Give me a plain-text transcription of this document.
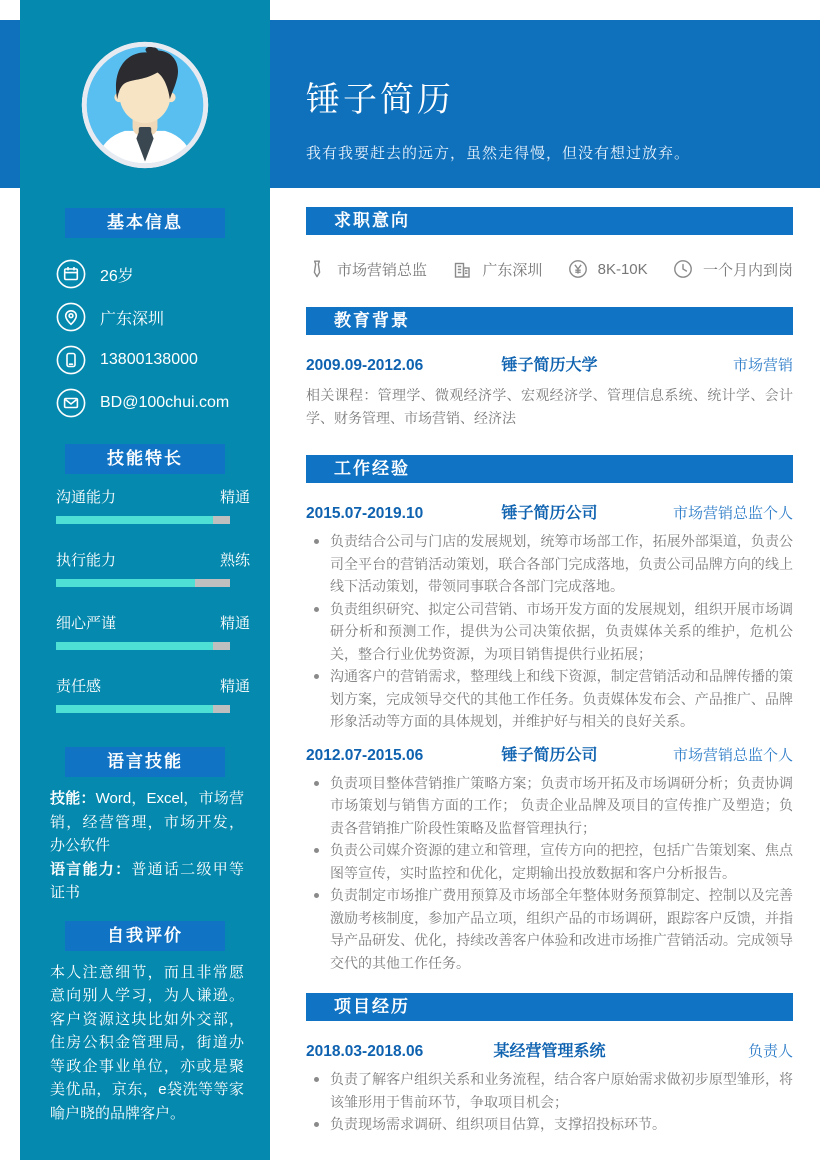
锤子简历
我有我要赶去的远方，虽然走得慢，但没有想过放弃。
基本信息
26岁
广东深圳
13800138000
BD@100chui.com
技能特长
沟通能力	精通
执行能力	熟练
细心严谨	精通
责任感	精通
语言技能
技能：Word，Excel，市场营销，经营管理，市场开发，办公软件
语言能力：普通话二级甲等证书
自我评价
本人注意细节，而且非常愿意向别人学习，为人谦逊。客户资源这块比如外交部，住房公积金管理局，街道办等政企事业单位，亦或是聚美优品，京东，e袋洗等等家喻户晓的品牌客户。
求职意向
市场营销总监	广东深圳	8K-10K	一个月内到岗
教育背景
2009.09-2012.06	锤子简历大学	市场营销
相关课程：管理学、微观经济学、宏观经济学、管理信息系统、统计学、会计学、财务管理、市场营销、经济法
工作经验
2015.07-2019.10	锤子简历公司	市场营销总监个人
负责结合公司与门店的发展规划，统筹市场部工作，拓展外部渠道，负责公司全平台的营销活动策划，联合各部门完成落地，负责公司品牌方向的线上线下活动策划，带领同事联合各部门完成落地。
负责组织研究、拟定公司营销、市场开发方面的发展规划，组织开展市场调研分析和预测工作，提供为公司决策依据，负责媒体关系的维护，危机公关，整合行业优势资源，为项目销售提供行业拓展；
沟通客户的营销需求，整理线上和线下资源，制定营销活动和品牌传播的策划方案，完成领导交代的其他工作任务。负责媒体发布会、产品推广、品牌形象活动等方面的具体规划，并维护好与相关的良好关系。
2012.07-2015.06	锤子简历公司	市场营销总监个人
负责项目整体营销推广策略方案；负责市场开拓及市场调研分析；负责协调市场策划与销售方面的工作； 负责企业品牌及项目的宣传推广及塑造；负责各营销推广阶段性策略及监督管理执行；
负责公司媒介资源的建立和管理，宣传方向的把控，包括广告策划案、焦点图等宣传，实时监控和优化，定期输出投放数据和客户分析报告。
负责制定市场推广费用预算及市场部全年整体财务预算制定、控制以及完善激励考核制度，参加产品立项，组织产品的市场调研，跟踪客户反馈，并指导产品研发、优化，持续改善客户体验和改进市场推广营销活动。完成领导交代的其他工作任务。
项目经历
2018.03-2018.06	某经营管理系统	负责人
负责了解客户组织关系和业务流程，结合客户原始需求做初步原型雏形，将该雏形用于售前环节，争取项目机会；
负责现场需求调研、组织项目估算，支撑招投标环节。
